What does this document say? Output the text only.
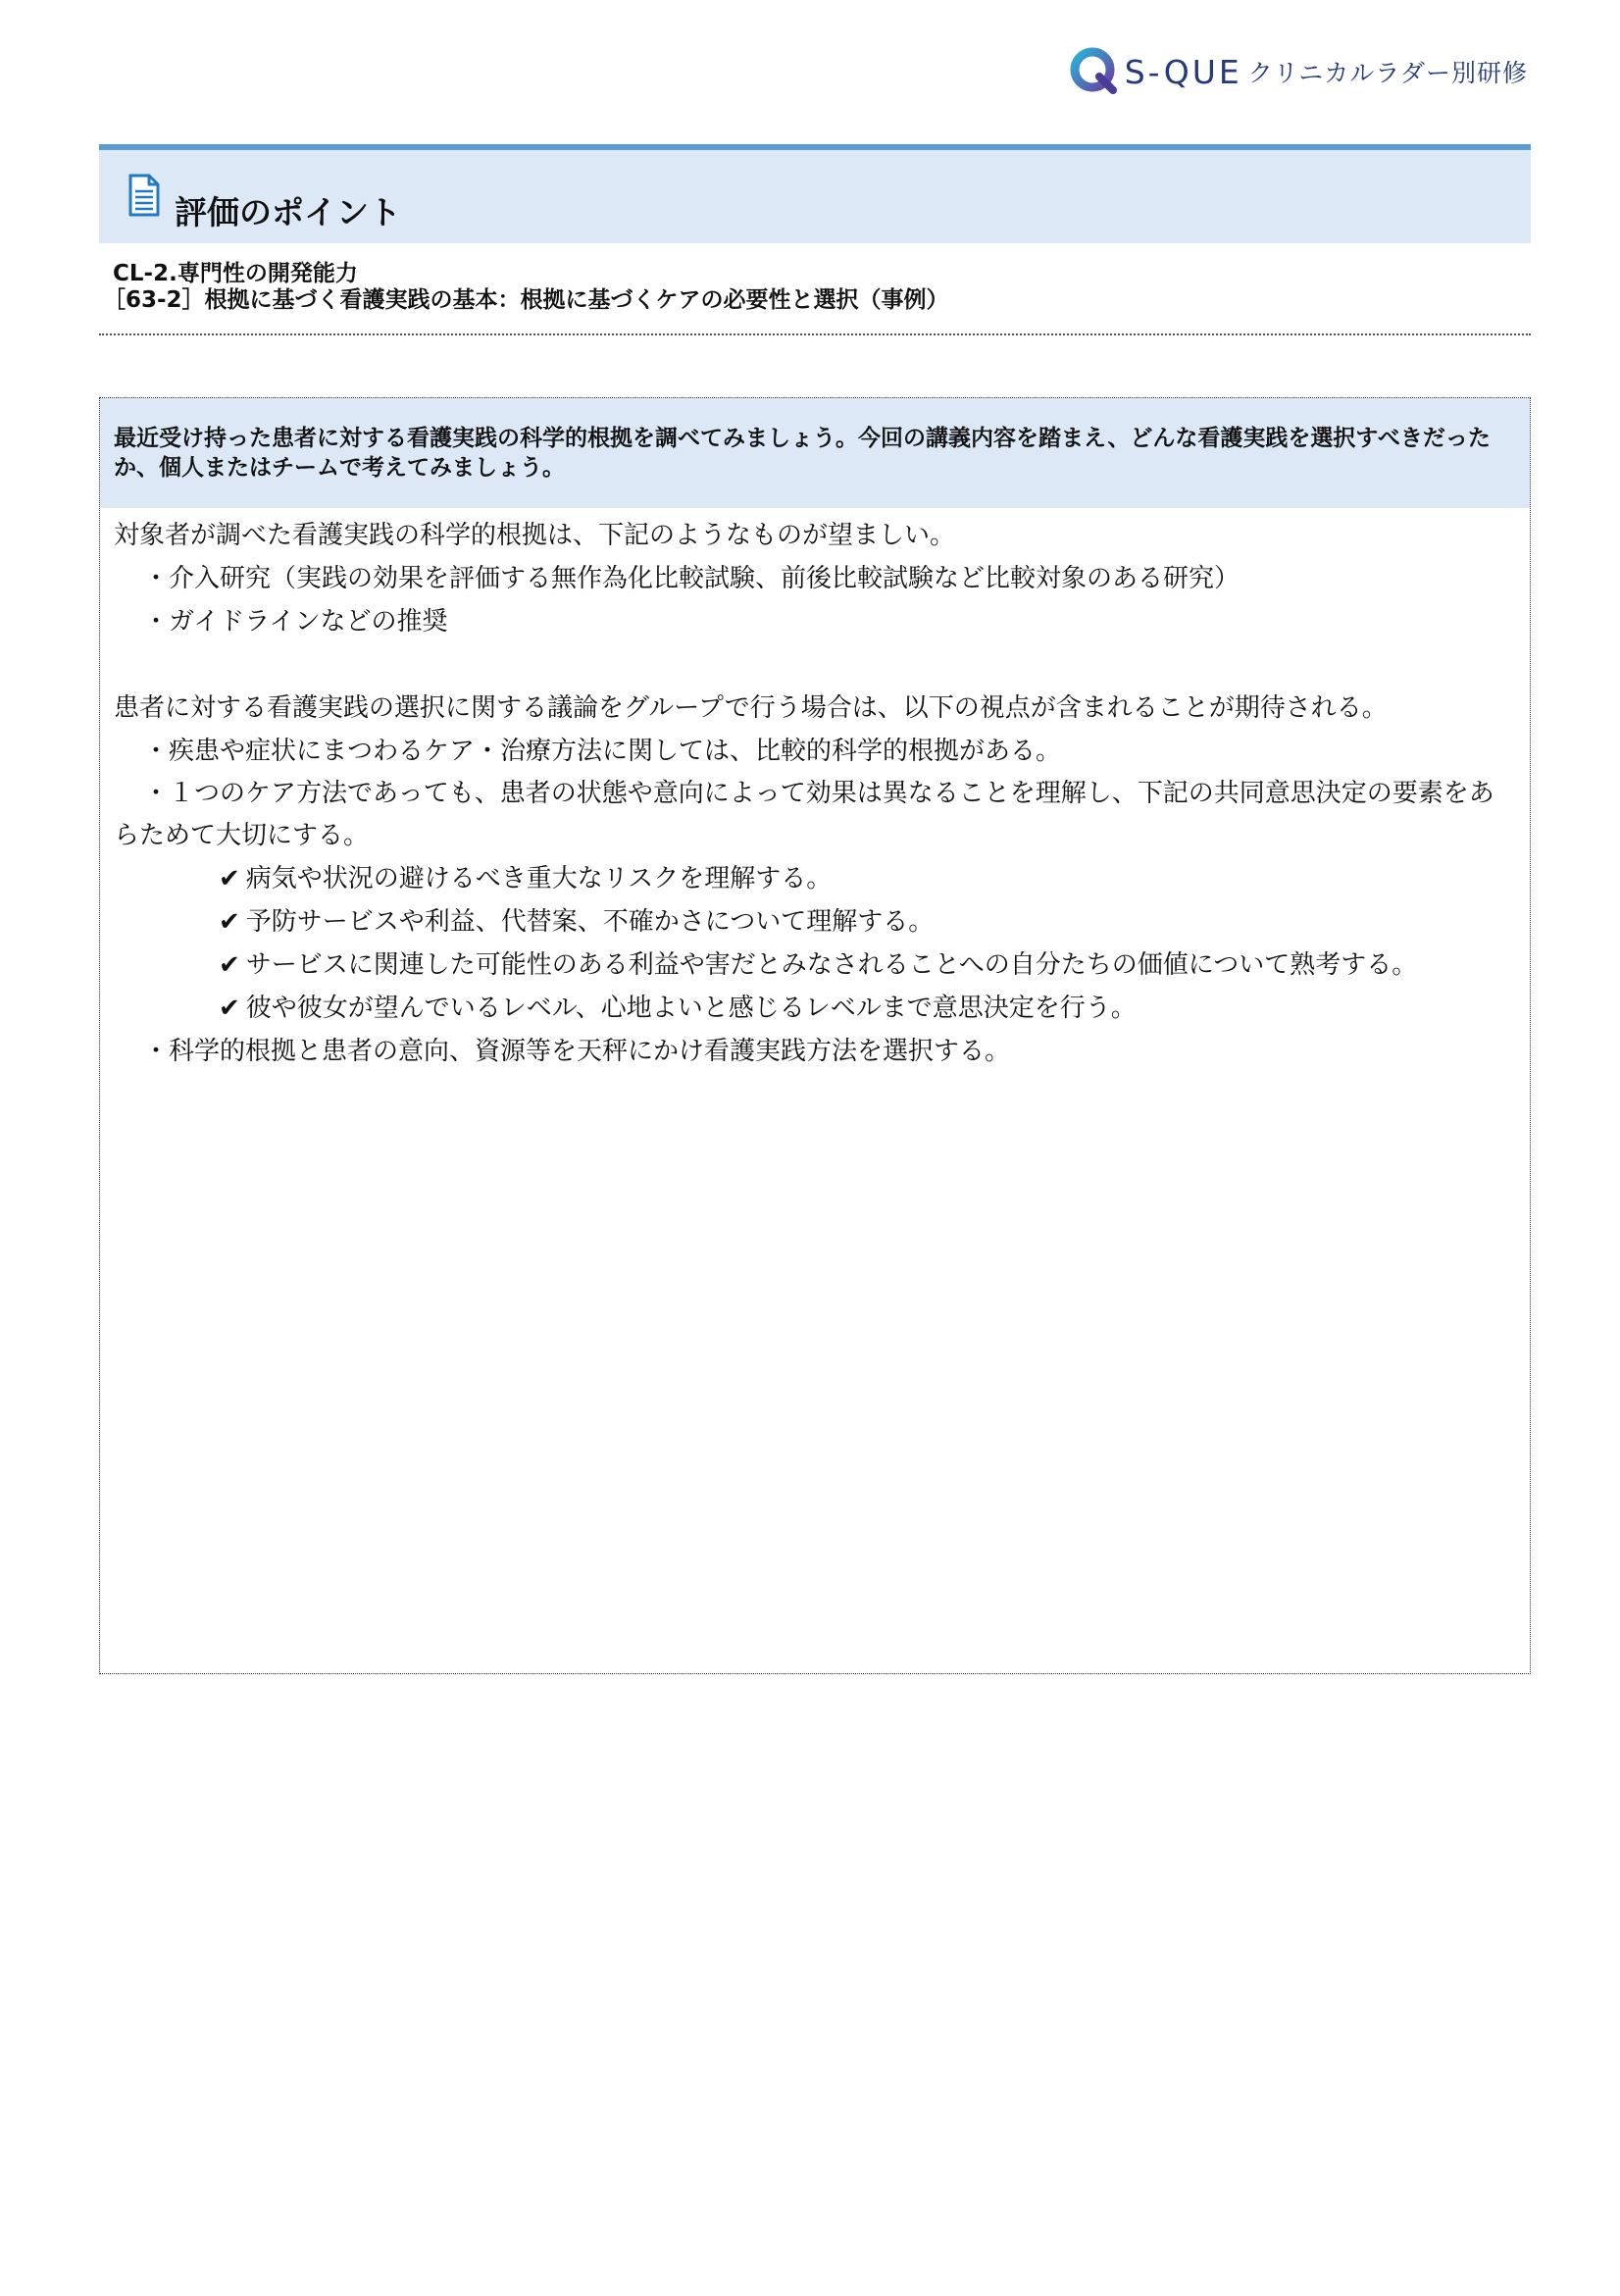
S-QUE クリニカルラダー別研修
評価のポイント
CL-2.専門性の開発能力
［63-2］根拠に基づく看護実践の基本：根拠に基づくケアの必要性と選択（事例）
最近受け持った患者に対する看護実践の科学的根拠を調べてみましょう。今回の講義内容を踏まえ、どんな看護実践を選択すべきだったか、個人またはチームで考えてみましょう。
対象者が調べた看護実践の科学的根拠は、下記のようなものが望ましい。
・介入研究（実践の効果を評価する無作為化比較試験、前後比較試験など比較対象のある研究）
・ガイドラインなどの推奨
患者に対する看護実践の選択に関する議論をグループで行う場合は、以下の視点が含まれることが期待される。
・疾患や症状にまつわるケア・治療方法に関しては、比較的科学的根拠がある。
・１つのケア方法であっても、患者の状態や意向によって効果は異なることを理解し、下記の共同意思決定の要素をあらためて大切にする。
✔ 病気や状況の避けるべき重大なリスクを理解する。
✔ 予防サービスや利益、代替案、不確かさについて理解する。
✔ サービスに関連した可能性のある利益や害だとみなされることへの自分たちの価値について熟考する。
✔ 彼や彼女が望んでいるレベル、心地よいと感じるレベルまで意思決定を行う。
・科学的根拠と患者の意向、資源等を天秤にかけ看護実践方法を選択する。
